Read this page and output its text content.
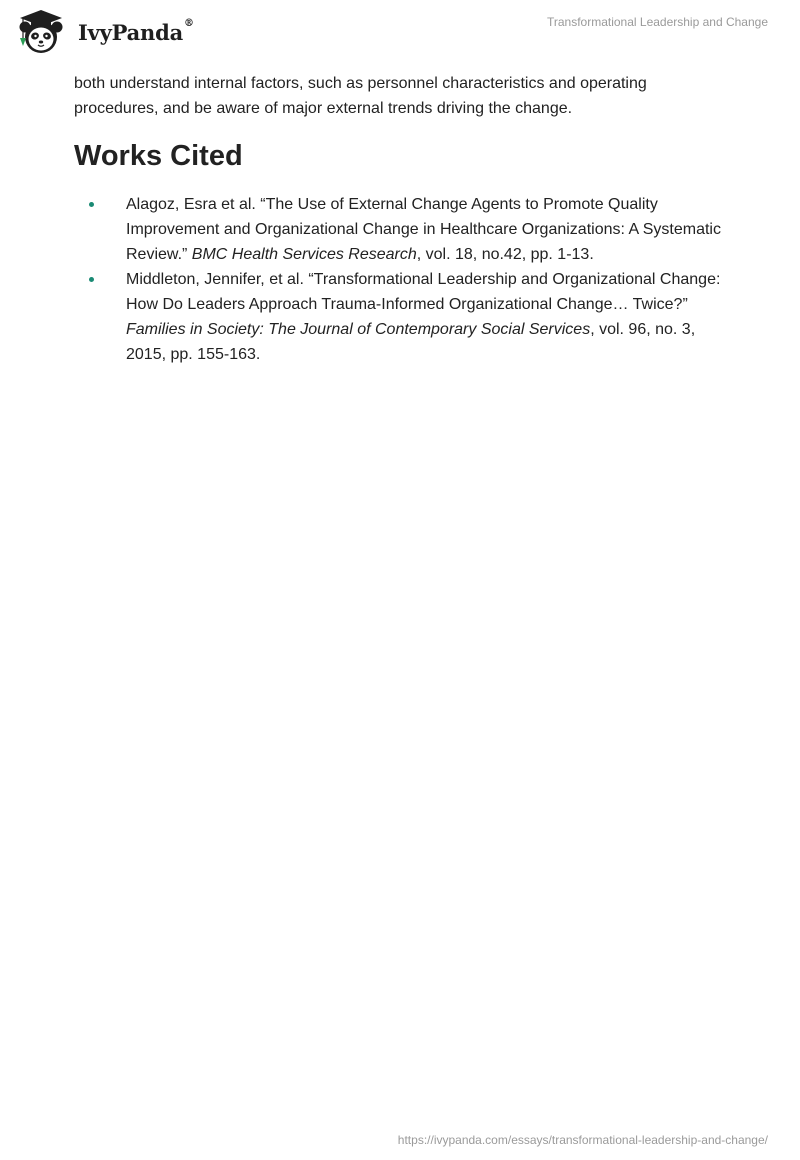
IvyPanda®	Transformational Leadership and Change

both understand internal factors, such as personnel characteristics and operating procedures, and be aware of major external trends driving the change.

Works Cited
Alagoz, Esra et al. “The Use of External Change Agents to Promote Quality Improvement and Organizational Change in Healthcare Organizations: A Systematic Review.” BMC Health Services Research, vol. 18, no.42, pp. 1-13.
Middleton, Jennifer, et al. “Transformational Leadership and Organizational Change: How Do Leaders Approach Trauma-Informed Organizational Change… Twice?” Families in Society: The Journal of Contemporary Social Services, vol. 96, no. 3, 2015, pp. 155-163.
https://ivypanda.com/essays/transformational-leadership-and-change/
